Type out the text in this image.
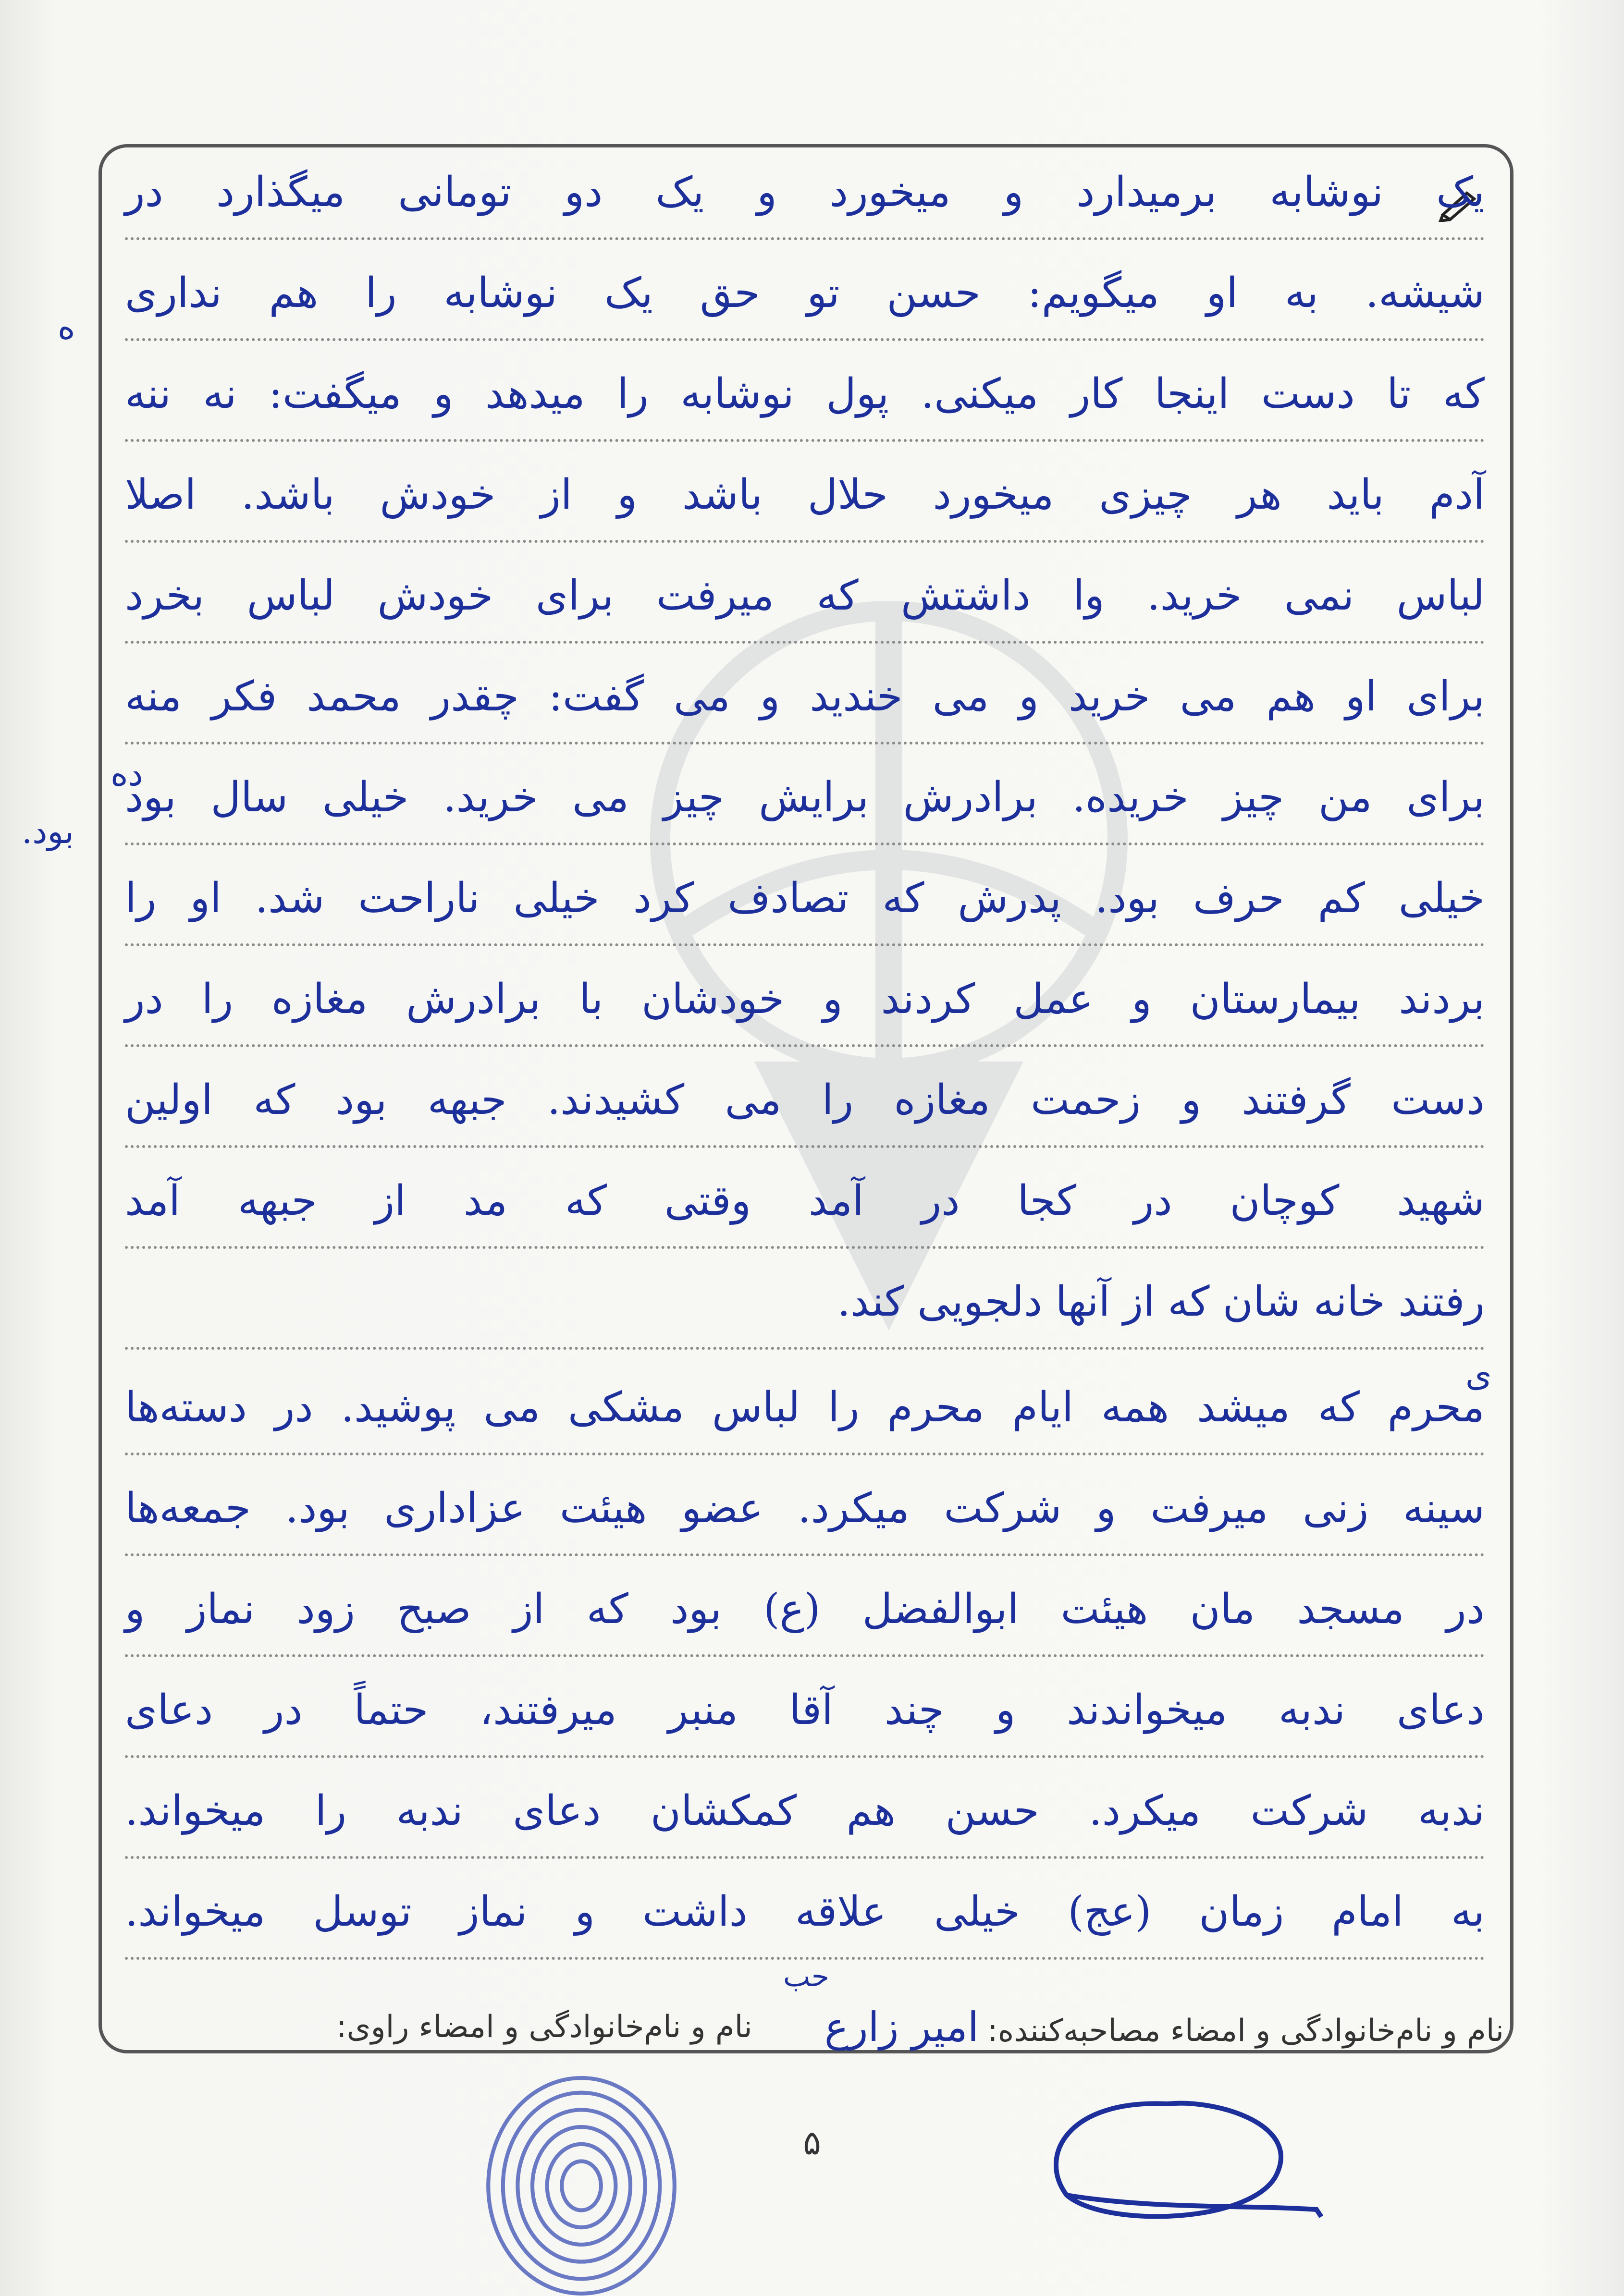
یک نوشابه برمیدارد و میخورد و یک دو تومانی میگذارد در
شیشه. به او میگویم: حسن تو حق یک نوشابه را هم نداری
که تا دست اینجا کار میکنی. پول نوشابه را میدهد و میگفت: نه ننه
آدم باید هر چیزی میخورد حلال باشد و از خودش باشد. اصلا
لباس نمی خرید. وا داشتش که میرفت برای خودش لباس بخرد
برای او هم می خرید و می خندید و می گفت: چقدر محمد فکر منه
برای من چیز خریده. برادرش برایش چیز می خرید. خیلی سال بود
خیلی کم حرف بود. پدرش که تصادف کرد خیلی ناراحت شد. او را
بردند بیمارستان و عمل کردند و خودشان با برادرش مغازه را در
دست گرفتند و زحمت مغازه را می کشیدند. جبهه بود که اولین
شهید کوچان در کجا در آمد وقتی که مد از جبهه آمد
رفتند خانه شان که از آنها دلجویی کند.
محرم که میشد همه ایام محرم را لباس مشکی می پوشید. در دسته‌ها
سینه زنی میرفت و شرکت میکرد. عضو هیئت عزاداری بود. جمعه‌ها
در مسجد مان هیئت ابوالفضل (ع) بود که از صبح زود نماز و
دعای ندبه میخواندند و چند آقا منبر میرفتند، حتماً در دعای
ندبه شرکت میکرد. حسن هم کمکشان دعای ندبه را میخواند.
به امام زمان (عج) خیلی علاقه داشت و نماز توسل میخواند.
ه
بود.
ده
ی
نام و نام‌خانوادگی و امضاء مصاحبه‌کننده:امیر زارع
حب
نام و نام‌خانوادگی و امضاء راوی:
۵
